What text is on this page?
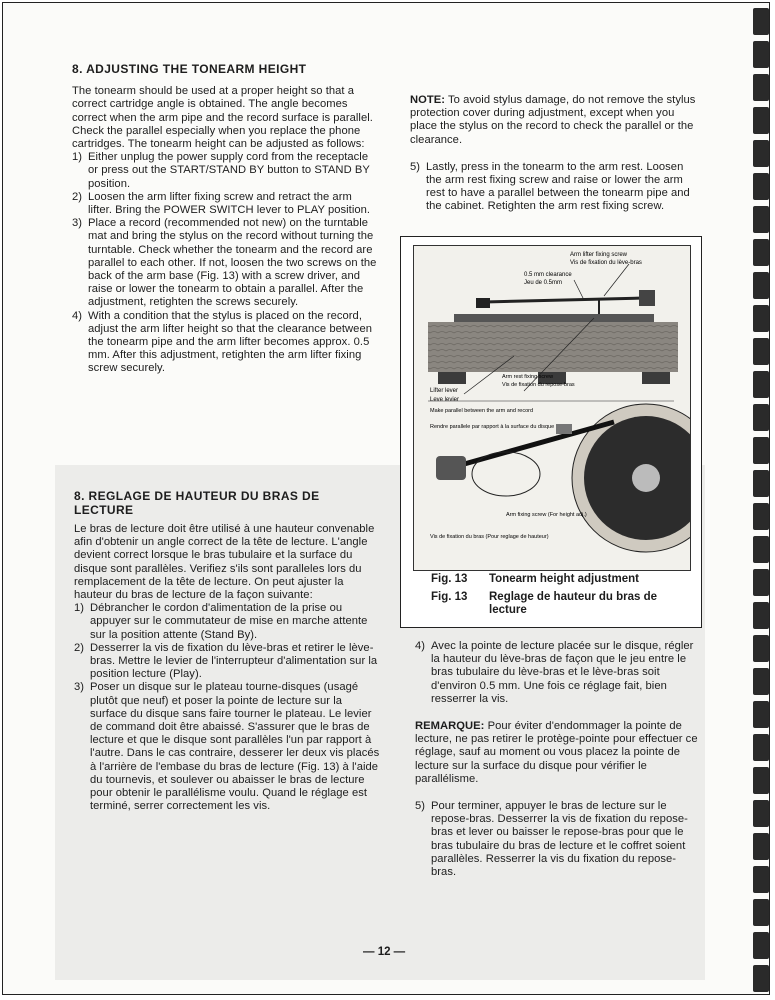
8. ADJUSTING THE TONEARM HEIGHT

The tonearm should be used at a proper height so that a correct cartridge angle is obtained. The angle becomes correct when the arm pipe and the record surface is parallel. Check the parallel especially when you replace the phone cartridges. The tonearm height can be adjusted as follows:

1) Either unplug the power supply cord from the receptacle or press out the START/STAND BY button to STAND BY position.
2) Loosen the arm lifter fixing screw and retract the arm lifter. Bring the POWER SWITCH lever to PLAY position.
3) Place a record (recommended not new) on the turntable mat and bring the stylus on the record without turning the turntable. Check whether the tonearm and the record are parallel to each other. If not, loosen the two screws on the back of the arm base (Fig. 13) with a screw driver, and raise or lower the tonearm to obtain a parallel. After the adjustment, retighten the screws securely.
4) With a condition that the stylus is placed on the record, adjust the arm lifter height so that the clearance between the tonearm pipe and the arm lifter becomes approx. 0.5 mm. After this adjustment, retighten the arm lifter fixing screw securely.

NOTE: To avoid stylus damage, do not remove the stylus protection cover during adjustment, except when you place the stylus on the record to check the parallel or the clearance.

5) Lastly, press in the tonearm to the arm rest. Loosen the arm rest fixing screw and raise or lower the arm rest to have a parallel between the tonearm pipe and the cabinet. Retighten the arm rest fixing screw.
Arm lifter fixing screw
Vis de fixation du lève-bras
0.5 mm clearance
Jeu de 0.5mm
Lifter lever
Leve levier
Arm rest fixing screw
Vis de fixation du repose-bras
Make parallel between the arm and record
Rendre parallele par rapport à la surface du disque
Arm fixing screw (For height adj.)
Vis de fixation du bras (Pour reglage de hauteur)
Fig. 13 Tonearm height adjustment
Fig. 13 Reglage de hauteur du bras de lecture
8. REGLAGE DE HAUTEUR DU BRAS DE LECTURE

Le bras de lecture doit être utilisé à une hauteur convenable afin d'obtenir un angle correct de la tête de lecture. L'angle devient correct lorsque le bras tubulaire et la surface du disque sont parallèles. Verifiez s'ils sont paralleles lors du remplacement de la tête de lecture. On peut ajuster la hauteur du bras de lecture de la façon suivante:

1) Débrancher le cordon d'alimentation de la prise ou appuyer sur le commutateur de mise en marche attente sur la position attente (Stand By).
2) Desserrer la vis de fixation du lève-bras et retirer le lève-bras. Mettre le levier de l'interrupteur d'alimentation sur la position lecture (Play).
3) Poser un disque sur le plateau tourne-disques (usagé plutôt que neuf) et poser la pointe de lecture sur la surface du disque sans faire tourner le plateau. Le levier de command doit être abaissé. S'assurer que le bras de lecture et que le disque sont parallèles l'un par rapport à l'autre. Dans le cas contraire, desserer ler deux vis placés à l'arrière de l'embase du bras de lecture (Fig. 13) à l'aide du tournevis, et soulever ou abaisser le bras de lecture pour obtenir le parallélisme voulu. Quand le réglage est terminé, serrer correctement les vis.
4) Avec la pointe de lecture placée sur le disque, régler la hauteur du lève-bras de façon que le jeu entre le bras tubulaire du lève-bras et le lève-bras soit d'environ 0.5 mm. Une fois ce réglage fait, bien resserrer la vis.

REMARQUE: Pour éviter d'endommager la pointe de lecture, ne pas retirer le protège-pointe pour effectuer ce réglage, sauf au moment ou vous placez la pointe de lecture sur la surface du disque pour vérifier le parallélisme.

5) Pour terminer, appuyer le bras de lecture sur le repose-bras. Desserrer la vis de fixation du repose-bras et lever ou baisser le repose-bras pour que le bras tubulaire du bras de lecture et le coffret soient parallèles. Resserrer la vis du fixation du repose-bras.
— 12 —
